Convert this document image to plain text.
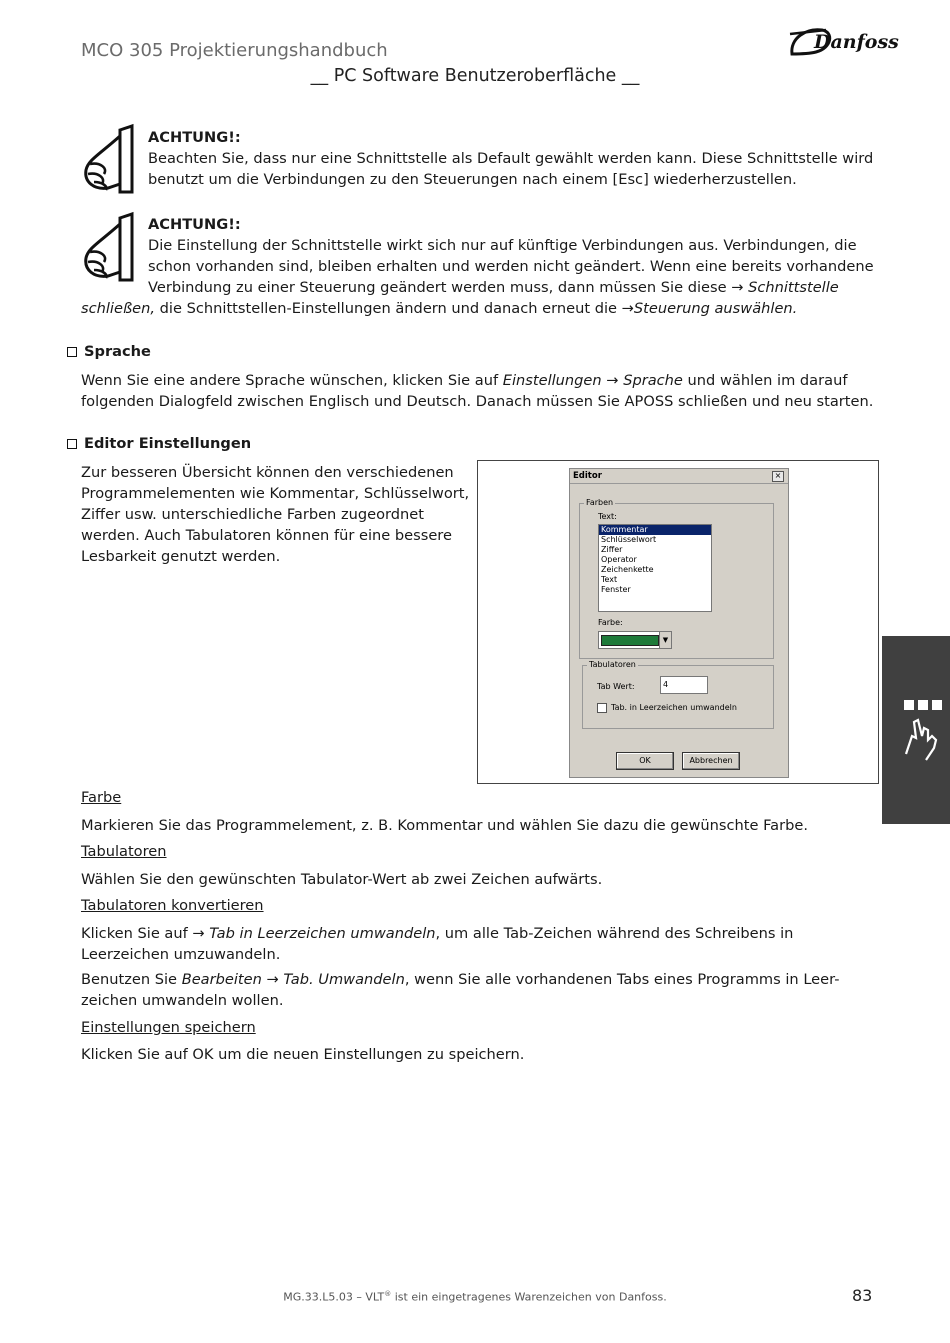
MCO 305 Projektierungshandbuch	Danfoss
__ PC Software Benutzeroberfläche __
ACHTUNG!:
Beachten Sie, dass nur eine Schnittstelle als Default gewählt werden kann. Diese Schnittstelle wird
benutzt um die Verbindungen zu den Steuerungen nach einem [Esc] wiederherzustellen.
ACHTUNG!:
Die Einstellung der Schnittstelle wirkt sich nur auf künftige Verbindungen aus. Verbindungen, die
schon vorhanden sind, bleiben erhalten und werden nicht geändert. Wenn eine bereits vorhandene
Verbindung zu einer Steuerung geändert werden muss, dann müssen Sie diese → Schnittstelle
schließen, die Schnittstellen-Einstellungen ändern und danach erneut die →Steuerung auswählen.
Sprache
Wenn Sie eine andere Sprache wünschen, klicken Sie auf Einstellungen → Sprache und wählen im darauf
folgenden Dialogfeld zwischen Englisch und Deutsch. Danach müssen Sie APOSS schließen und neu starten.
Editor Einstellungen
Zur besseren Übersicht können den verschiedenen
Programmelementen wie Kommentar, Schlüsselwort,
Ziffer usw. unterschiedliche Farben zugeordnet
werden. Auch Tabulatoren können für eine bessere
Lesbarkeit genutzt werden.
Editor	×
Farben
Text:
Kommentar
Schlüsselwort
Ziffer
Operator
Zeichenkette
Text
Fenster
Farbe:
▼
Tabulatoren
Tab Wert:	4
Tab. in Leerzeichen umwandeln
OK	Abbrechen
Farbe
Markieren Sie das Programmelement, z. B. Kommentar und wählen Sie dazu die gewünschte Farbe.
Tabulatoren
Wählen Sie den gewünschten Tabulator-Wert ab zwei Zeichen aufwärts.
Tabulatoren konvertieren
Klicken Sie auf → Tab in Leerzeichen umwandeln, um alle Tab-Zeichen während des Schreibens in
Leerzeichen umzuwandeln.
Benutzen Sie Bearbeiten → Tab. Umwandeln, wenn Sie alle vorhandenen Tabs eines Programms in Leer-
zeichen umwandeln wollen.
Einstellungen speichern
Klicken Sie auf OK um die neuen Einstellungen zu speichern.
MG.33.L5.03 – VLT® ist ein eingetragenes Warenzeichen von Danfoss.	83
